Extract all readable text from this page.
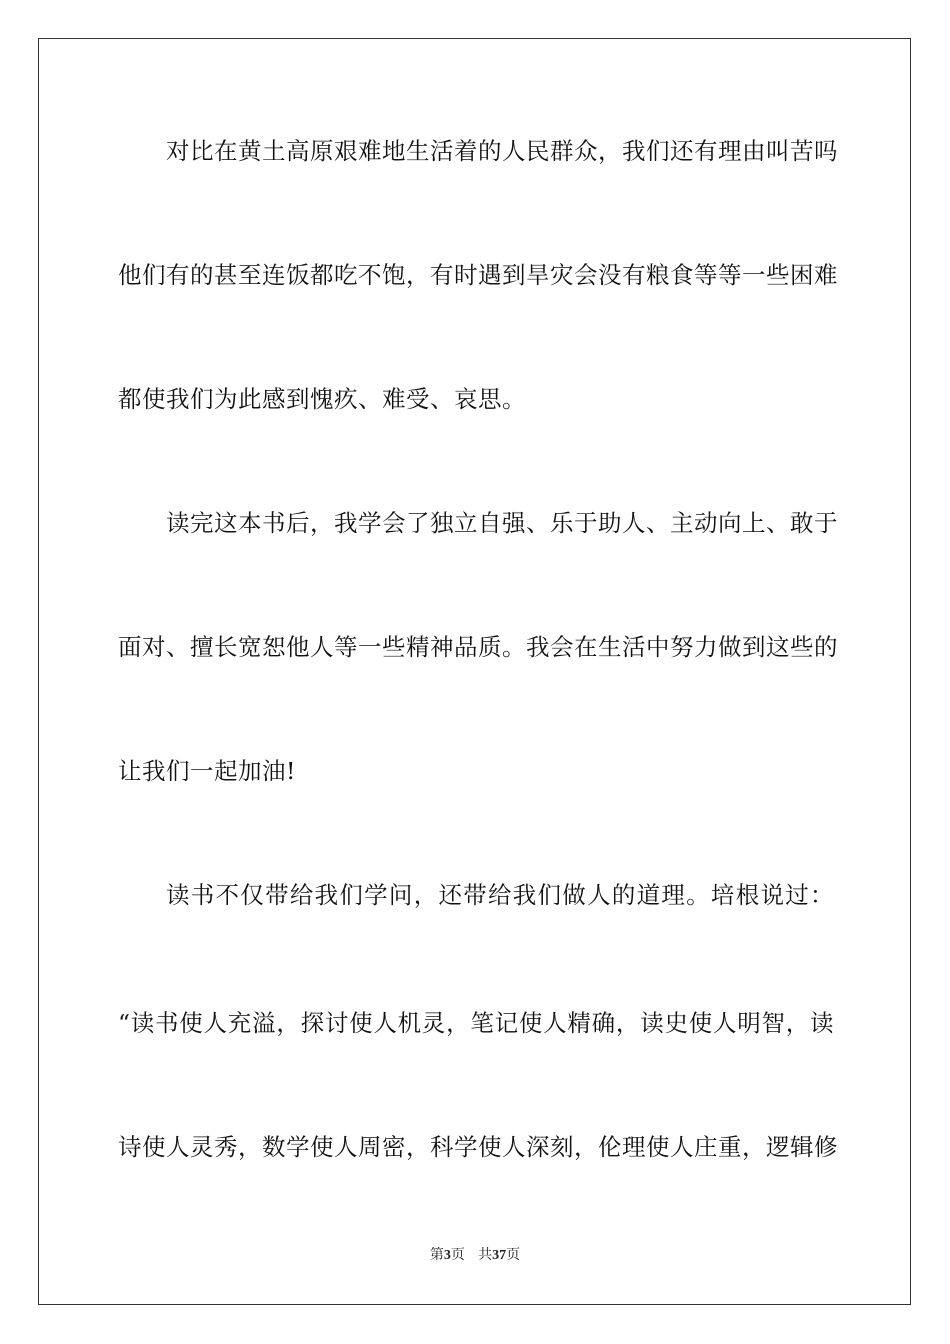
对比在黄土高原艰难地生活着的人民群众，我们还有理由叫苦吗
他们有的甚至连饭都吃不饱，有时遇到旱灾会没有粮食等等一些困难
都使我们为此感到愧疚、难受、哀思。
读完这本书后，我学会了独立自强、乐于助人、主动向上、敢于
面对、擅长宽恕他人等一些精神品质。我会在生活中努力做到这些的
让我们一起加油!
读书不仅带给我们学问，还带给我们做人的道理。培根说过：
“读书使人充溢，探讨使人机灵，笔记使人精确，读史使人明智，读
诗使人灵秀，数学使人周密，科学使人深刻，伦理使人庄重，逻辑修
第3页 共37页
